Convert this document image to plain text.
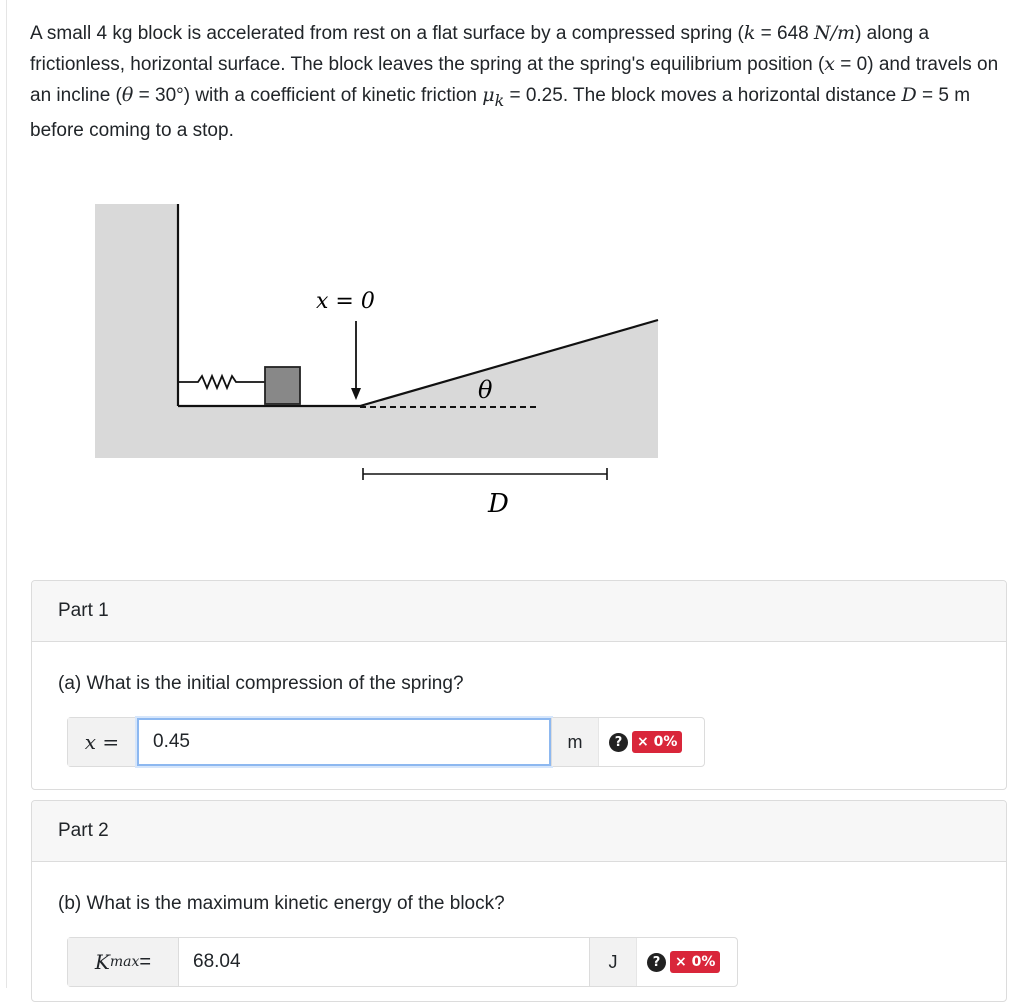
A small 4 kg block is accelerated from rest on a flat surface by a compressed spring (k = 648 N/m) along a frictionless, horizontal surface. The block leaves the spring at the spring's equilibrium position (x = 0) and travels on an incline (θ = 30°) with a coefficient of kinetic friction $\mu_k = 0.25$. The block moves a horizontal distance D = 5 m before coming to a stop.
x = 0
θ
D
Part 1
(a) What is the initial compression of the spring?
x =
0.45	m	?	× 0%
Part 2
(b) What is the maximum kinetic energy of the block?
K max =
68.04	J	?	× 0%
